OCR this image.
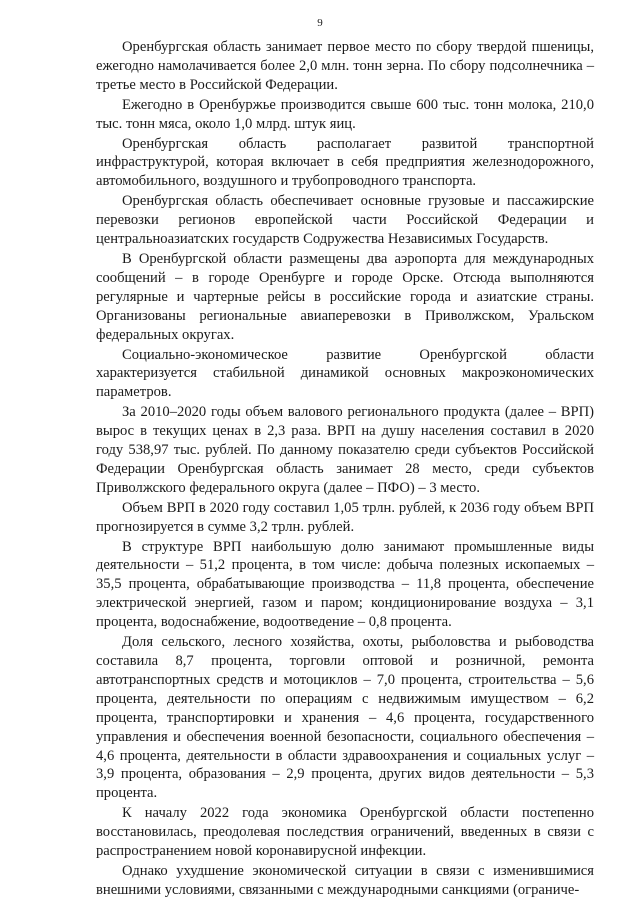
9

Оренбургская область занимает первое место по сбору твердой пшеницы, ежегодно намолачивается более 2,0 млн. тонн зерна. По сбору подсолнечника – третье место в Российской Федерации.

Ежегодно в Оренбуржье производится свыше 600 тыс. тонн молока, 210,0 тыс. тонн мяса, около 1,0 млрд. штук яиц.

Оренбургская область располагает развитой транспортной инфраструктурой, которая включает в себя предприятия железнодорожного, автомобильного, воздушного и трубопроводного транспорта.

Оренбургская область обеспечивает основные грузовые и пассажирские перевозки регионов европейской части Российской Федерации и центральноазиатских государств Содружества Независимых Государств.

В Оренбургской области размещены два аэропорта для международных сообщений – в городе Оренбурге и городе Орске. Отсюда выполняются регулярные и чартерные рейсы в российские города и азиатские страны. Организованы региональные авиаперевозки в Приволжском, Уральском федеральных округах.

Социально-экономическое развитие Оренбургской области характеризуется стабильной динамикой основных макроэкономических параметров.

За 2010–2020 годы объем валового регионального продукта (далее – ВРП) вырос в текущих ценах в 2,3 раза. ВРП на душу населения составил в 2020 году 538,97 тыс. рублей. По данному показателю среди субъектов Российской Федерации Оренбургская область занимает 28 место, среди субъектов Приволжского федерального округа (далее – ПФО) – 3 место.

Объем ВРП в 2020 году составил 1,05 трлн. рублей, к 2036 году объем ВРП прогнозируется в сумме 3,2 трлн. рублей.

В структуре ВРП наибольшую долю занимают промышленные виды деятельности – 51,2 процента, в том числе: добыча полезных ископаемых – 35,5 процента, обрабатывающие производства – 11,8 процента, обеспечение электрической энергией, газом и паром; кондиционирование воздуха – 3,1 процента, водоснабжение, водоотведение – 0,8 процента.

Доля сельского, лесного хозяйства, охоты, рыболовства и рыбоводства составила 8,7 процента, торговли оптовой и розничной, ремонта автотранспортных средств и мотоциклов – 7,0 процента, строительства – 5,6 процента, деятельности по операциям с недвижимым имуществом – 6,2 процента, транспортировки и хранения – 4,6 процента, государственного управления и обеспечения военной безопасности, социального обеспечения – 4,6 процента, деятельности в области здравоохранения и социальных услуг – 3,9 процента, образования – 2,9 процента, других видов деятельности – 5,3 процента.

К началу 2022 года экономика Оренбургской области постепенно восстановилась, преодолевая последствия ограничений, введенных в связи с распространением новой коронавирусной инфекции.

Однако ухудшение экономической ситуации в связи с изменившимися внешними условиями, связанными с международными санкциями (ограниче-
